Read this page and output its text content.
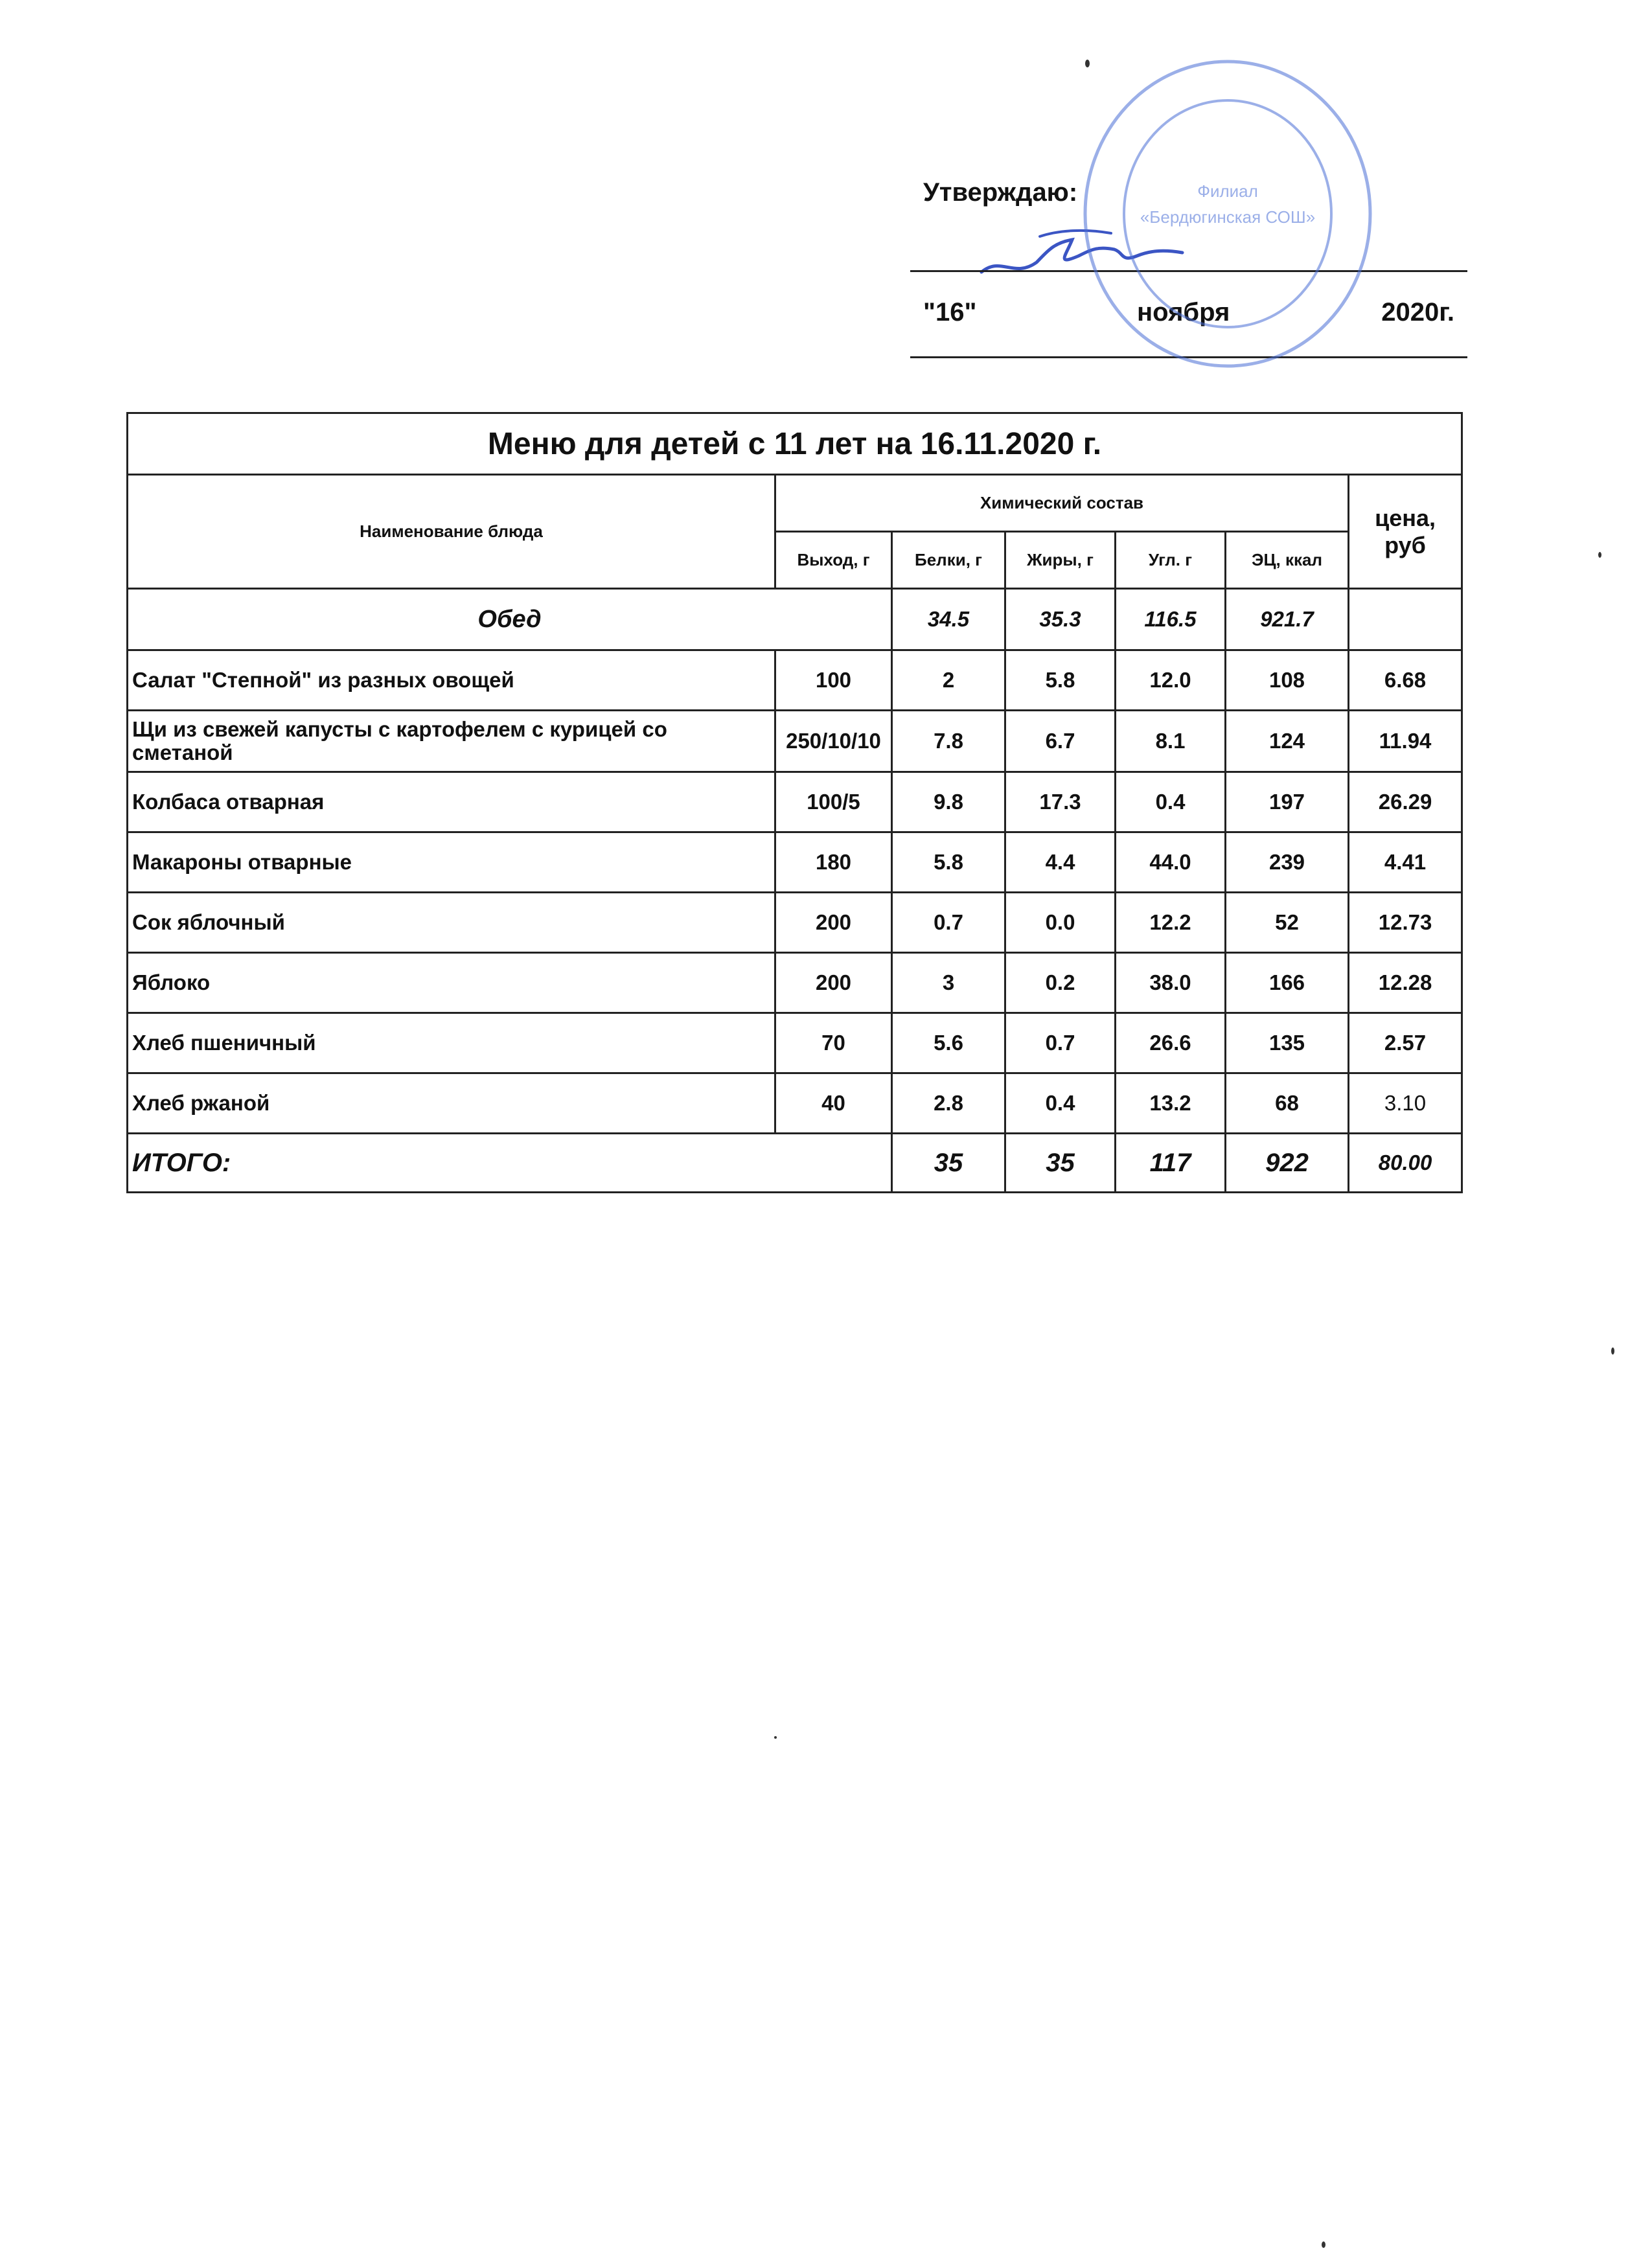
Утверждаю:
"16"	ноября	2020г.
Филиал
«Бердюгинская СОШ»
Меню для детей с 11 лет на 16.11.2020 г.						
Наименование блюда	Химический состав					цена, руб
	Выход, г	Белки, г	Жиры, г	Угл. г	ЭЦ, ккал	
Обед		34.5	35.3	116.5	921.7	
Салат "Степной" из разных овощей	100	2	5.8	12.0	108	6.68
Щи из свежей капусты с картофелем с курицей со сметаной	250/10/10	7.8	6.7	8.1	124	11.94
Колбаса отварная	100/5	9.8	17.3	0.4	197	26.29
Макароны отварные	180	5.8	4.4	44.0	239	4.41
Сок яблочный	200	0.7	0.0	12.2	52	12.73
Яблоко	200	3	0.2	38.0	166	12.28
Хлеб пшеничный	70	5.6	0.7	26.6	135	2.57
Хлеб ржаной	40	2.8	0.4	13.2	68	3.10
ИТОГО:		35	35	117	922	80.00
